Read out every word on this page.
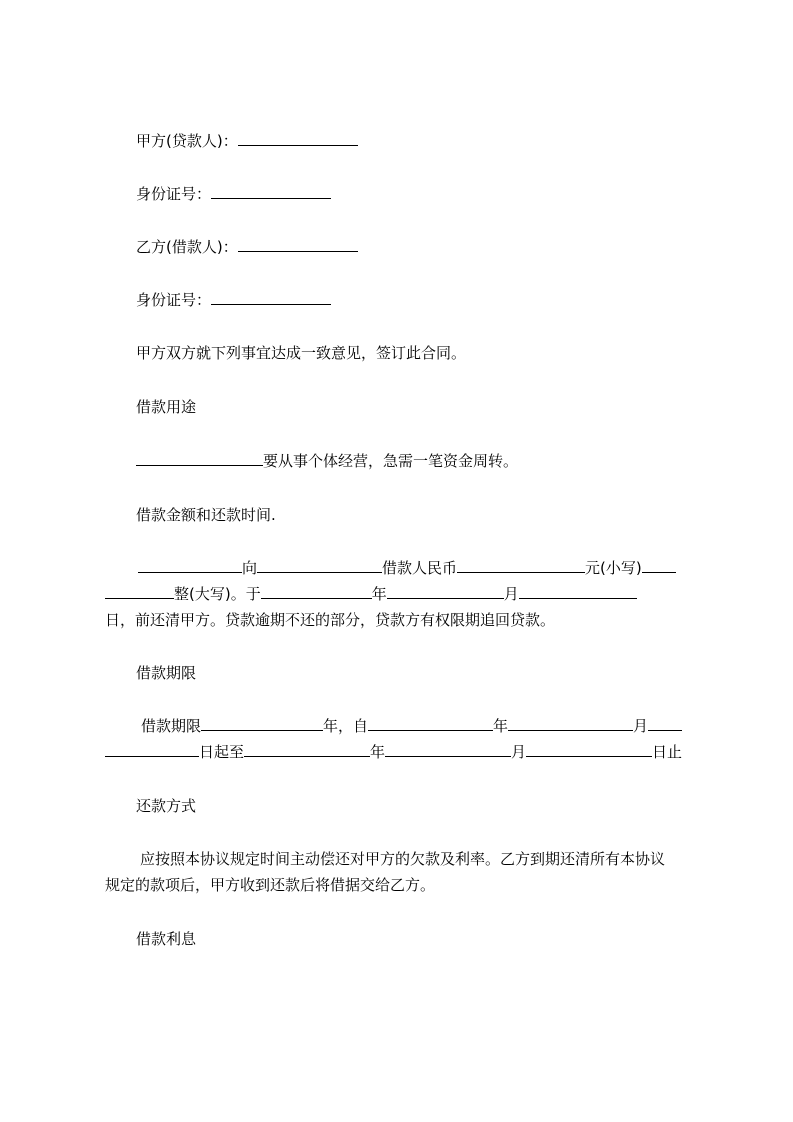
甲方(贷款人)：
身份证号：
乙方(借款人)：
身份证号：
甲方双方就下列事宜达成一致意见，签订此合同。
借款用途
要从事个体经营，急需一笔资金周转。
借款金额和还款时间.
向	借款人民币	元(小写)
整(大写)。于	年	月
日，前还清甲方。贷款逾期不还的部分，贷款方有权限期追回贷款。
借款期限
借款期限	年，自	年	月
日起至	年	月	日止
还款方式
应按照本协议规定时间主动偿还对甲方的欠款及利率。乙方到期还清所有本协议
规定的款项后，甲方收到还款后将借据交给乙方。
借款利息
